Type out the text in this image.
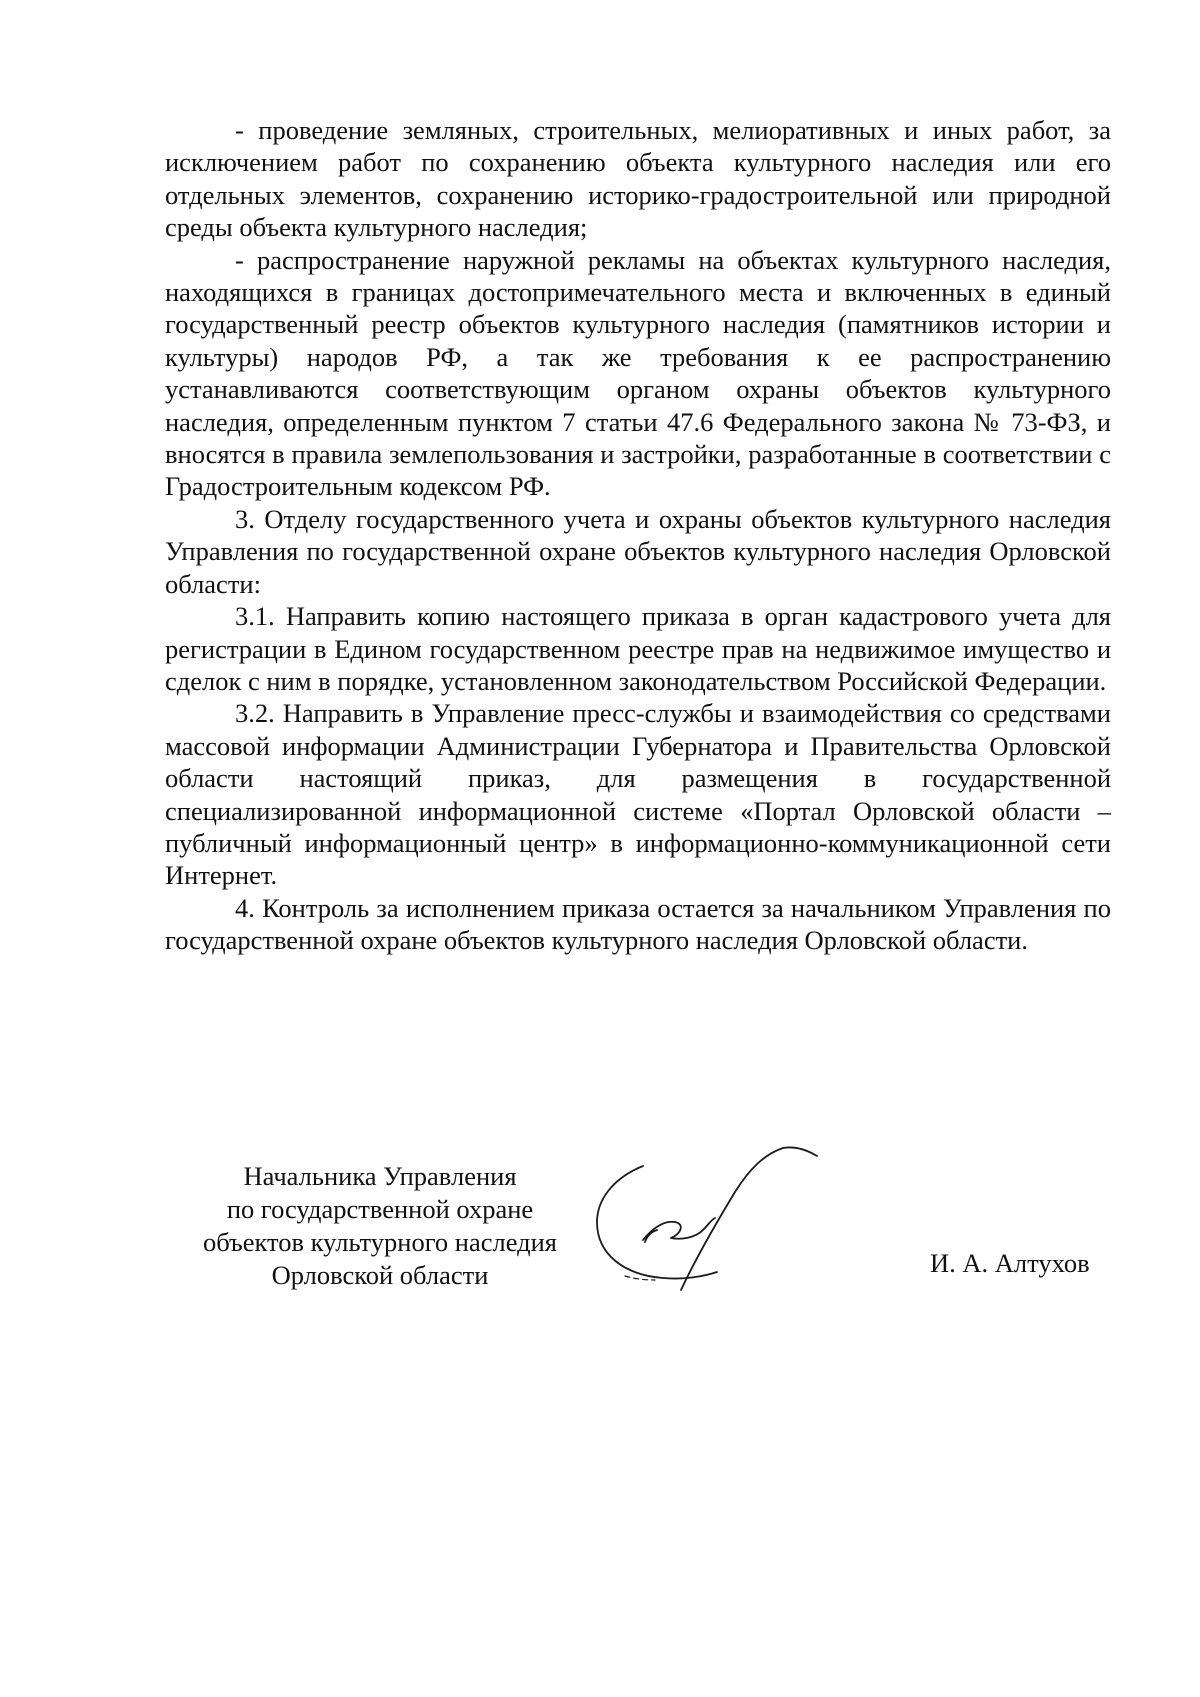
- проведение земляных, строительных, мелиоративных и иных работ, за исключением работ по сохранению объекта культурного наследия или его отдельных элементов, сохранению историко-градостроительной или природной среды объекта культурного наследия;

- распространение наружной рекламы на объектах культурного наследия, находящихся в границах достопримечательного места и включенных в единый государственный реестр объектов культурного наследия (памятников истории и культуры) народов РФ, а так же требования к ее распространению устанавливаются соответствующим органом охраны объектов культурного наследия, определенным пунктом 7 статьи 47.6 Федерального закона № 73-ФЗ, и вносятся в правила землепользования и застройки, разработанные в соответствии с Градостроительным кодексом РФ.

3. Отделу государственного учета и охраны объектов культурного наследия Управления по государственной охране объектов культурного наследия Орловской области:

3.1. Направить копию настоящего приказа в орган кадастрового учета для регистрации в Едином государственном реестре прав на недвижимое имущество и сделок с ним в порядке, установленном законодательством Российской Федерации.

3.2. Направить в Управление пресс-службы и взаимодействия со средствами массовой информации Администрации Губернатора и Правительства Орловской области настоящий приказ, для размещения в государственной специализированной информационной системе «Портал Орловской области – публичный информационный центр» в информационно-коммуникационной сети Интернет.

4. Контроль за исполнением приказа остается за начальником Управления по государственной охране объектов культурного наследия Орловской области.

Начальника Управления
по государственной охране
объектов культурного наследия
Орловской области	И. А. Алтухов
